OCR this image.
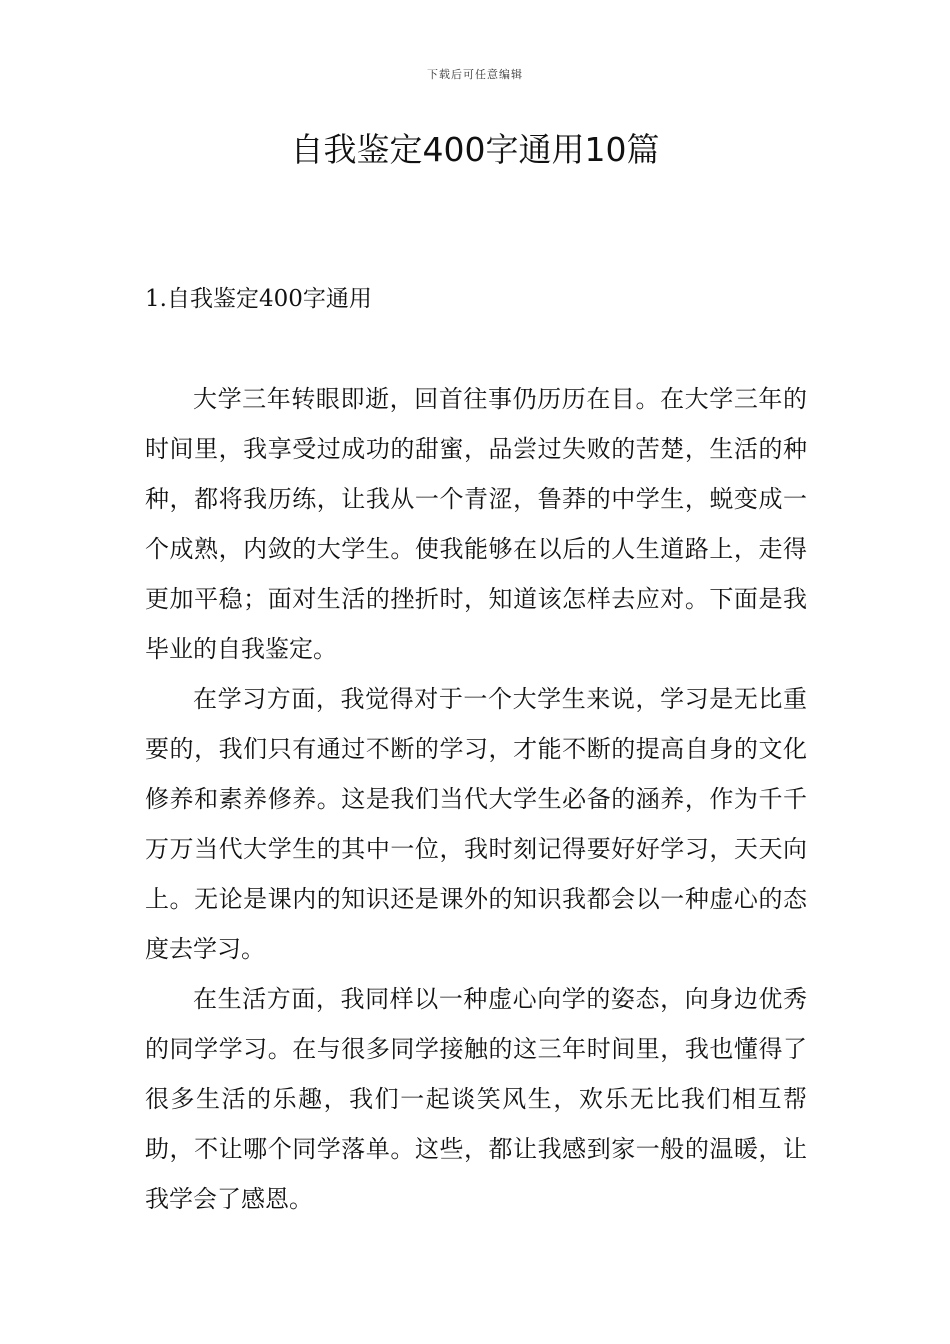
下载后可任意编辑
自我鉴定400字通用10篇
1.自我鉴定400字通用

大学三年转眼即逝，回首往事仍历历在目。在大学三年的时间里，我享受过成功的甜蜜，品尝过失败的苦楚，生活的种种，都将我历练，让我从一个青涩，鲁莽的中学生，蜕变成一个成熟，内敛的大学生。使我能够在以后的人生道路上，走得更加平稳；面对生活的挫折时，知道该怎样去应对。下面是我毕业的自我鉴定。

在学习方面，我觉得对于一个大学生来说，学习是无比重要的，我们只有通过不断的学习，才能不断的提高自身的文化修养和素养修养。这是我们当代大学生必备的涵养，作为千千万万当代大学生的其中一位，我时刻记得要好好学习，天天向上。无论是课内的知识还是课外的知识我都会以一种虚心的态度去学习。

在生活方面，我同样以一种虚心向学的姿态，向身边优秀的同学学习。在与很多同学接触的这三年时间里，我也懂得了很多生活的乐趣，我们一起谈笑风生，欢乐无比我们相互帮助，不让哪个同学落单。这些，都让我感到家一般的温暖，让我学会了感恩。
